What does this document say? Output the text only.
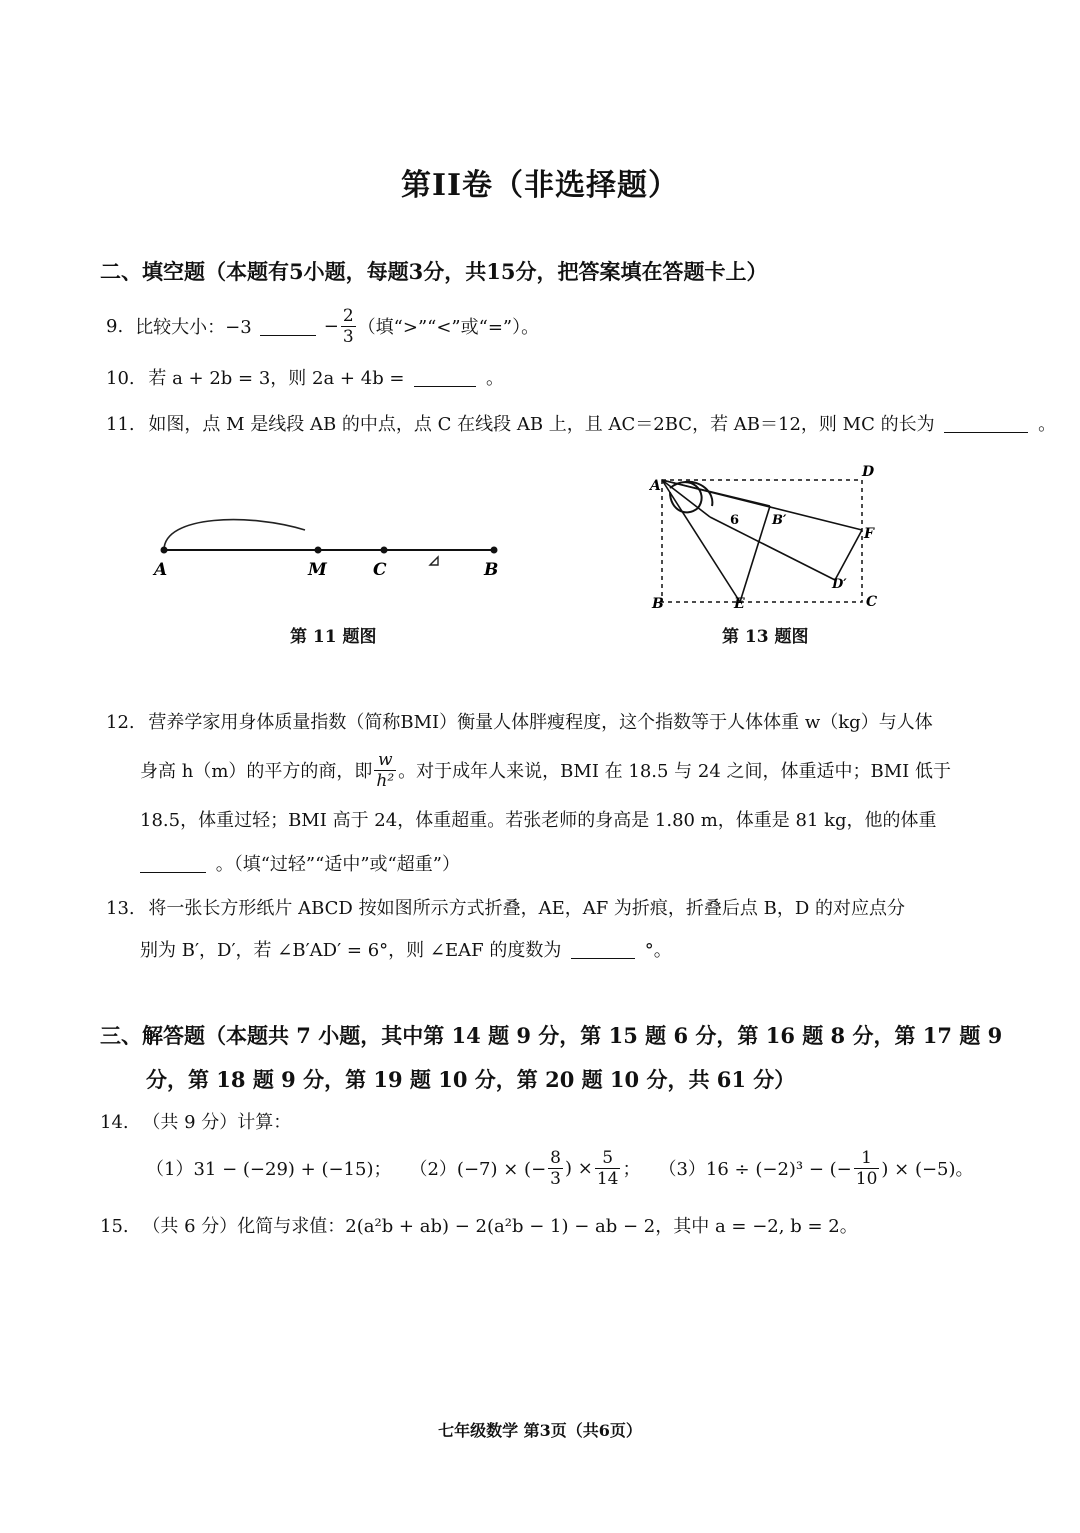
第II卷（非选择题）
二、填空题（本题有5小题，每题3分，共15分，把答案填在答题卡上）
9. 比较大小：−3	− $\frac{2}{3}$ （填“>”“<”或“=”）。
10. 若 a + 2b = 3，则 2a + 4b =	。
11. 如图，点 M 是线段 AB 的中点，点 C 在线段 AB 上，且 AC＝2BC，若 AB＝12，则 MC 的长为	。
A	M	C	B
第 11 题图
A
D
B	E	C
F
B′
D′
6
第 13 题图
12. 营养学家用身体质量指数（简称BMI）衡量人体胖瘦程度，这个指数等于人体体重 w（kg）与人体
身高 h（m）的平方的商，即 $\frac{w}{\text{h²}}$ 。对于成年人来说，BMI 在 18.5 与 24 之间，体重适中；BMI 低于
18.5，体重过轻；BMI 高于 24，体重超重。若张老师的身高是 1.80 m，体重是 81 kg，他的体重
。（填“过轻”“适中”或“超重”）
13. 将一张长方形纸片 ABCD 按如图所示方式折叠，AE，AF 为折痕，折叠后点 B，D 的对应点分
别为 B′，D′，若 ∠B′AD′ = 6°，则 ∠EAF 的度数为	°。
三、解答题（本题共 7 小题，其中第 14 题 9 分，第 15 题 6 分，第 16 题 8 分，第 17 题 9
分，第 18 题 9 分，第 19 题 10 分，第 20 题 10 分，共 61 分）
14. （共 9 分）计算：
（1）31 − (−29) + (−15)； （2）(−7) × (− $\frac{8}{3}$ ) × $\frac{5}{14}$ ； （3）16 ÷ (−2)³ − (− $\frac{1}{10}$ ) × (−5)。
15. （共 6 分）化简与求值：2(a²b + ab) − 2(a²b − 1) − ab − 2，其中 a = −2, b = 2。
七年级数学 第3页（共6页）
